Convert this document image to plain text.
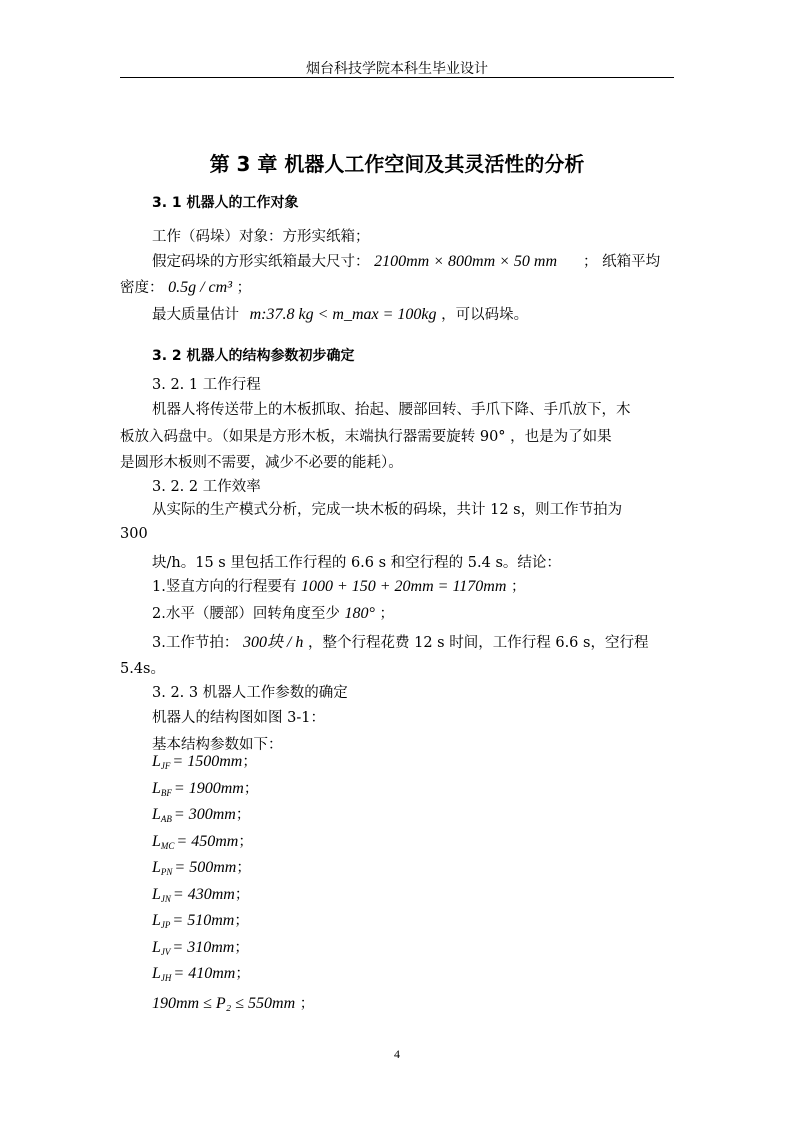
烟台科技学院本科生毕业设计
第 3 章 机器人工作空间及其灵活性的分析
3. 1 机器人的工作对象
工作（码垛）对象：方形实纸箱；
假定码垛的方形实纸箱最大尺寸： 2100mm × 800mm × 50 mm ； 纸箱平均
密度： 0.5g / cm³ ；
最大质量估计 m:37.8 kg < m_max = 100kg ，可以码垛。
3. 2 机器人的结构参数初步确定
3. 2. 1 工作行程
机器人将传送带上的木板抓取、抬起、腰部回转、手爪下降、手爪放下，木
板放入码盘中。（如果是方形木板，末端执行器需要旋转 90° ，也是为了如果
是圆形木板则不需要，减少不必要的能耗）。
3. 2. 2 工作效率
从实际的生产模式分析，完成一块木板的码垛，共计 12 s，则工作节拍为
300
块/h。15 s 里包括工作行程的 6.6 s 和空行程的 5.4 s。结论：
1.竖直方向的行程要有 1000 + 150 + 20mm = 1170mm ；
2.水平（腰部）回转角度至少 180° ；
3.工作节拍： 300块 / h ，整个行程花费 12 s 时间，工作行程 6.6 s，空行程
5.4s。
3. 2. 3 机器人工作参数的确定
机器人的结构图如图 3-1：
基本结构参数如下：
$L_{JF} = 1500mm$；
$L_{BF} = 1900mm$；
$L_{AB} = 300mm$；
$L_{MC} = 450mm$；
$L_{PN} = 500mm$；
$L_{JN} = 430mm$；
$L_{JP} = 510mm$；
$L_{JV} = 310mm$；
$L_{JH} = 410mm$；
190mm ≤ P₂ ≤ 550mm ；
4
